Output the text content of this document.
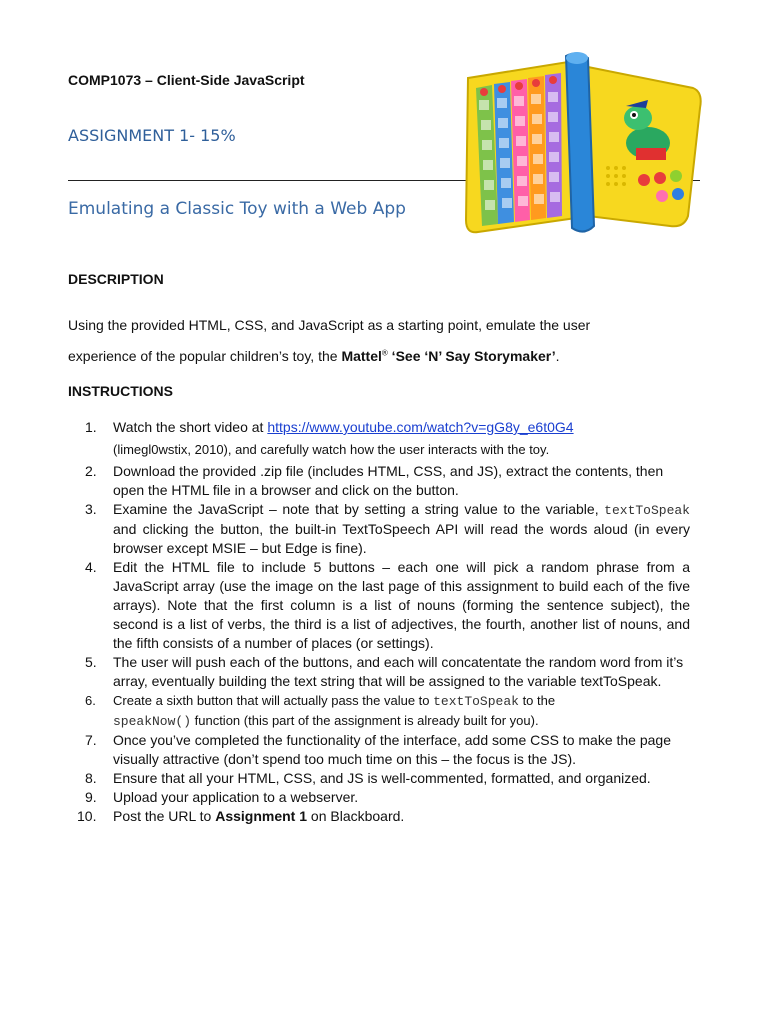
COMP1073 – Client-Side JavaScript
ASSIGNMENT 1- 15%
Emulating a Classic Toy with a Web App
DESCRIPTION
Using the provided HTML, CSS, and JavaScript as a starting point, emulate the user
experience of the popular children’s toy, the Mattel® ‘See ‘N’ Say Storymaker’.
INSTRUCTIONS
1.	Watch the short video at https://www.youtube.com/watch?v=gG8y_e6t0G4
(limegl0wstix, 2010), and carefully watch how the user interacts with the toy.
2.	Download the provided .zip file (includes HTML, CSS, and JS), extract the contents, then open the HTML file in a browser and click on the button.
3.	Examine the JavaScript – note that by setting a string value to the variable, textToSpeak and clicking the button, the built-in TextToSpeech API will read the words aloud (in every browser except MSIE – but Edge is fine).
4.	Edit the HTML file to include 5 buttons – each one will pick a random phrase from a JavaScript array (use the image on the last page of this assignment to build each of the five arrays). Note that the first column is a list of nouns (forming the sentence subject), the second is a list of verbs, the third is a list of adjectives, the fourth, another list of nouns, and the fifth consists of a number of places (or settings).
5.	The user will push each of the buttons, and each will concatentate the random word from it’s array, eventually building the text string that will be assigned to the variable textToSpeak.
6.	Create a sixth button that will actually pass the value to textToSpeak to the
speakNow() function (this part of the assignment is already built for you).
7.	Once you’ve completed the functionality of the interface, add some CSS to make the page visually attractive (don’t spend too much time on this – the focus is the JS).
8.	Ensure that all your HTML, CSS, and JS is well-commented, formatted, and organized.
9.	Upload your application to a webserver.
10.	Post the URL to Assignment 1 on Blackboard.
